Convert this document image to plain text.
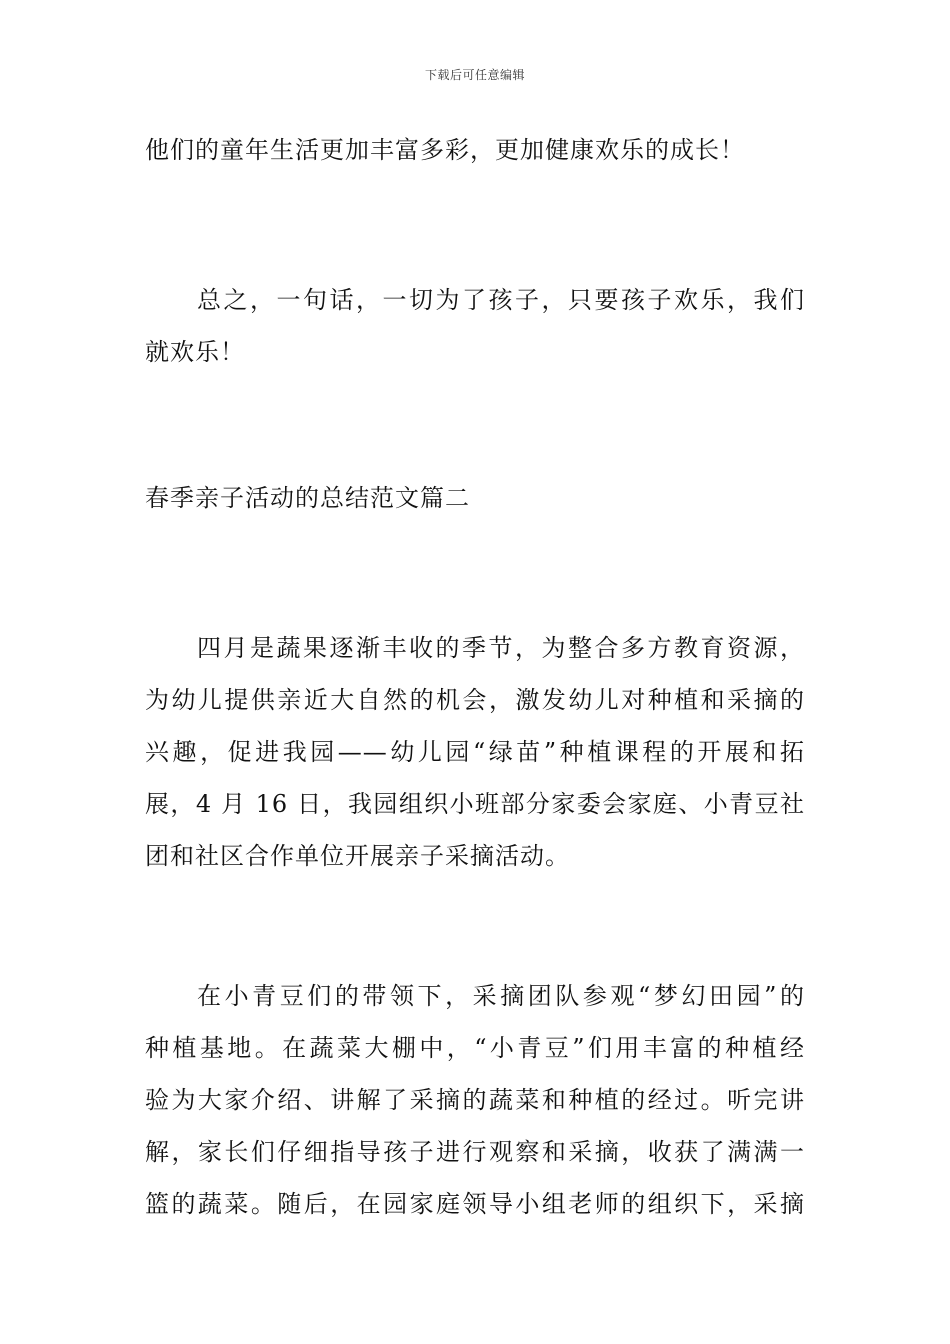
下载后可任意编辑
他们的童年生活更加丰富多彩，更加健康欢乐的成长！
总之，一句话，一切为了孩子，只要孩子欢乐，我们
就欢乐！
春季亲子活动的总结范文篇二
四月是蔬果逐渐丰收的季节，为整合多方教育资源，
为幼儿提供亲近大自然的机会，激发幼儿对种植和采摘的
兴趣，促进我园——幼儿园“绿苗”种植课程的开展和拓
展，4 月 16 日，我园组织小班部分家委会家庭、小青豆社
团和社区合作单位开展亲子采摘活动。
在小青豆们的带领下，采摘团队参观“梦幻田园”的
种植基地。在蔬菜大棚中，“小青豆”们用丰富的种植经
验为大家介绍、讲解了采摘的蔬菜和种植的经过。听完讲
解，家长们仔细指导孩子进行观察和采摘，收获了满满一
篮的蔬菜。随后，在园家庭领导小组老师的组织下，采摘
